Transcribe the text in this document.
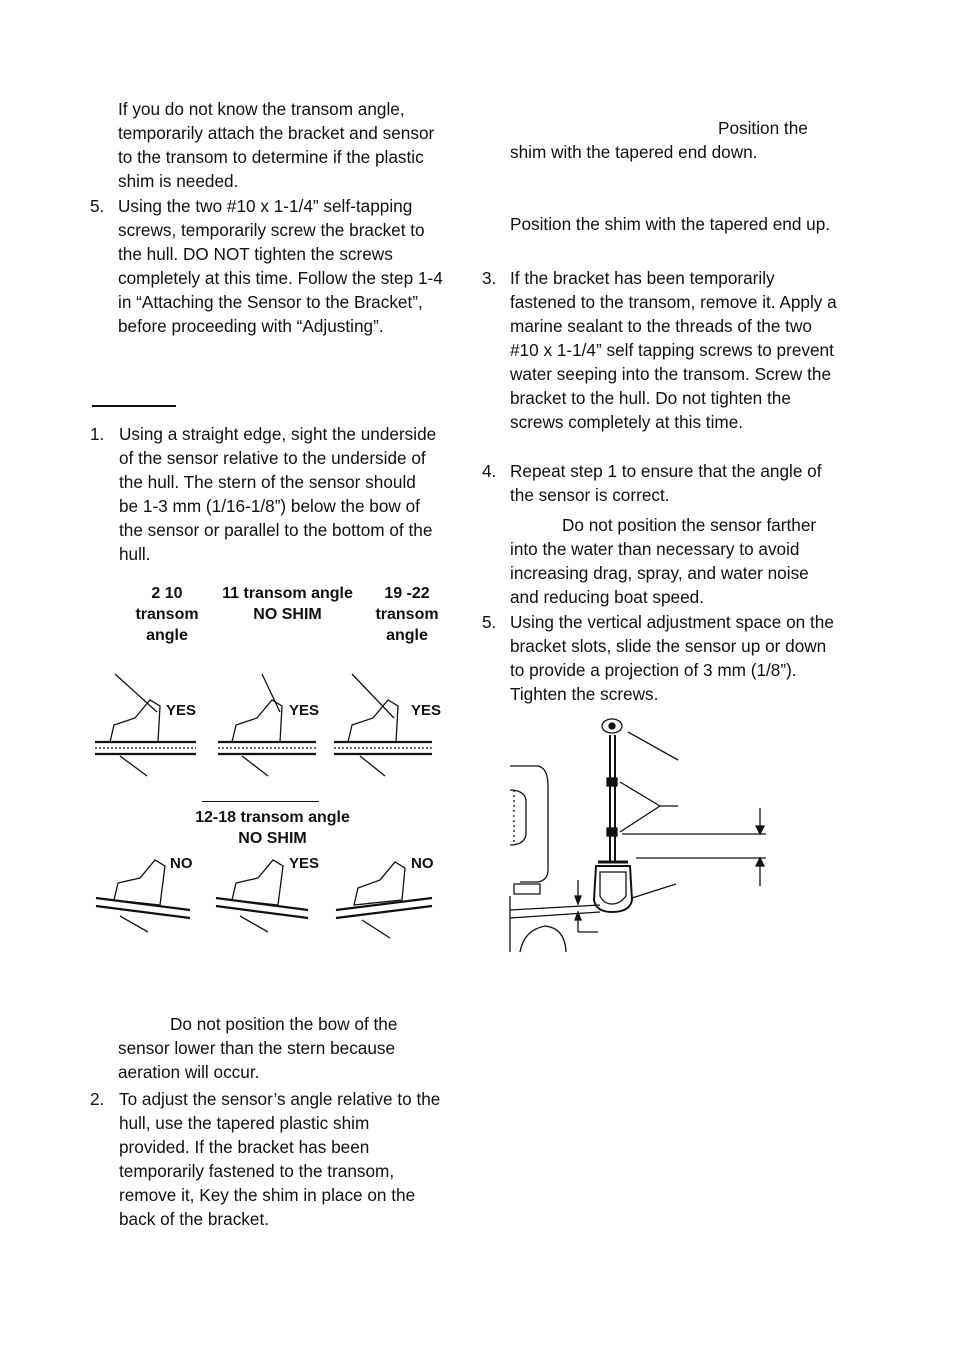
If you do not know the transom angle, temporarily attach the bracket and sensor to the transom to determine if the plastic shim is needed.

5. Using the two #10 x 1-1/4” self-tapping screws, temporarily screw the bracket to the hull. DO NOT tighten the screws completely at this time. Follow the step 1-4 in “Attaching the Sensor to the Bracket”, before proceeding with “Adjusting”.

1. Using a straight edge, sight the underside of the sensor relative to the underside of the hull. The stern of the sensor should be 1-3 mm (1/16-1/8”) below the bow of the sensor or parallel to the bottom of the hull.

2 10
transom
angle
11 transom angle
NO SHIM
19 -22
transom
angle
YES	YES	YES
12-18 transom angle
NO SHIM
NO	YES	NO

Do not position the bow of the sensor lower than the stern because aeration will occur.

2. To adjust the sensor’s angle relative to the hull, use the tapered plastic shim provided. If the bracket has been temporarily fastened to the transom, remove it, Key the shim in place on the back of the bracket.

Position the
shim with the tapered end down.

Position the shim with the tapered end up.

3. If the bracket has been temporarily fastened to the transom, remove it. Apply a marine sealant to the threads of the two #10 x 1-1/4” self tapping screws to prevent water seeping into the transom. Screw the bracket to the hull. Do not tighten the screws completely at this time.

4. Repeat step 1 to ensure that the angle of the sensor is correct.

Do not position the sensor farther into the water than necessary to avoid increasing drag, spray, and water noise and reducing boat speed.

5. Using the vertical adjustment space on the bracket slots, slide the sensor up or down to provide a projection of 3 mm (1/8”). Tighten the screws.
